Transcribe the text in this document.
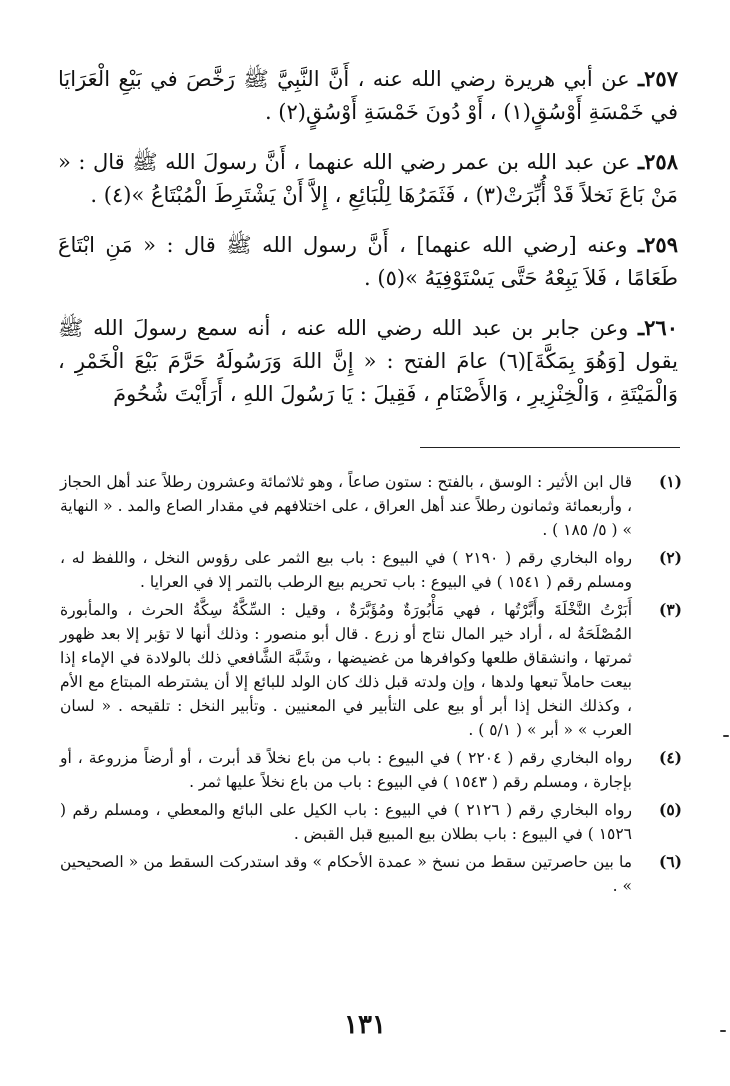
٢٥٧ـ عن أبي هريرة رضي الله عنه ، أَنَّ النَّبِيَّ ﷺ رَخَّصَ في بَيْعِ الْعَرَايَا في خَمْسَةِ أَوْسُقٍ(١) ، أَوْ دُونَ خَمْسَةِ أَوْسُقٍ(٢) .

٢٥٨ـ عن عبد الله بن عمر رضي الله عنهما ، أَنَّ رسولَ الله ﷺ قال : « مَنْ بَاعَ نَخلاً قَدْ أُبِّرَتْ(٣) ، فَثَمَرُهَا لِلْبَائِعِ ، إِلاَّ أَنْ يَشْتَرِطَ الْمُبْتَاعُ »(٤) .

٢٥٩ـ وعنه [رضي الله عنهما] ، أَنَّ رسول الله ﷺ قال : « مَنِ ابْتَاعَ طَعَامًا ، فَلاَ يَبِعْهُ حَتَّى يَسْتَوْفِيَهُ »(٥) .

٢٦٠ـ وعن جابر بن عبد الله رضي الله عنه ، أنه سمع رسولَ الله ﷺ يقول [وَهُوَ بِمَكَّةَ](٦) عامَ الفتح : « إِنَّ اللهَ وَرَسُولَهُ حَرَّمَ بَيْعَ الْخَمْرِ ، وَالْمَيْتَةِ ، وَالْخِنْزِيرِ ، وَالأَصْنَامِ ، فَقِيلَ : يَا رَسُولَ اللهِ ، أَرَأَيْتَ شُحُومَ

(١)
قال ابن الأثير : الوسق ، بالفتح : ستون صاعاً ، وهو ثلاثمائة وعشرون رطلاً عند أهل الحجاز ، وأربعمائة وثمانون رطلاً عند أهل العراق ، على اختلافهم في مقدار الصاع والمد . « النهاية » ( ٥/ ١٨٥ ) .
(٢)
رواه البخاري رقم ( ٢١٩٠ ) في البيوع : باب بيع الثمر على رؤوس النخل ، واللفظ له ، ومسلم رقم ( ١٥٤١ ) في البيوع : باب تحريم بيع الرطب بالتمر إلا في العرايا .
(٣)
أَبَرْتُ النَّخْلَةَ وأَبَّرْتُها ، فهي مَأْبُورَةٌ ومُؤَبَّرَةٌ ، وقيل : السِّكَّةُ سِكَّةُ الحرث ، والمأبورة المُصْلَحَةُ له ، أراد خير المال نتاج أو زرع . قال أبو منصور : وذلك أنها لا تؤبر إلا بعد ظهور ثمرتها ، وانشقاق طلعها وكوافرها من غضيضها ، وشَبَّهَ الشَّافعي ذلك بالولادة في الإماء إذا بيعت حاملاً تبعها ولدها ، وإن ولدته قبل ذلك كان الولد للبائع إلا أن يشترطه المبتاع مع الأم ، وكذلك النخل إذا أبر أو بيع على التأبير في المعنيين . وتأبير النخل : تلقيحه . « لسان العرب » « أبر » ( ٥/١ ) .
(٤)
رواه البخاري رقم ( ٢٢٠٤ ) في البيوع : باب من باع نخلاً قد أبرت ، أو أرضاً مزروعة ، أو بإجارة ، ومسلم رقم ( ١٥٤٣ ) في البيوع : باب من باع نخلاً عليها ثمر .
(٥)
رواه البخاري رقم ( ٢١٢٦ ) في البيوع : باب الكيل على البائع والمعطي ، ومسلم رقم ( ١٥٢٦ ) في البيوع : باب بطلان بيع المبيع قبل القبض .
(٦)
ما بين حاصرتين سقط من نسخ « عمدة الأحكام » وقد استدركت السقط من « الصحيحين » .
١٣١
